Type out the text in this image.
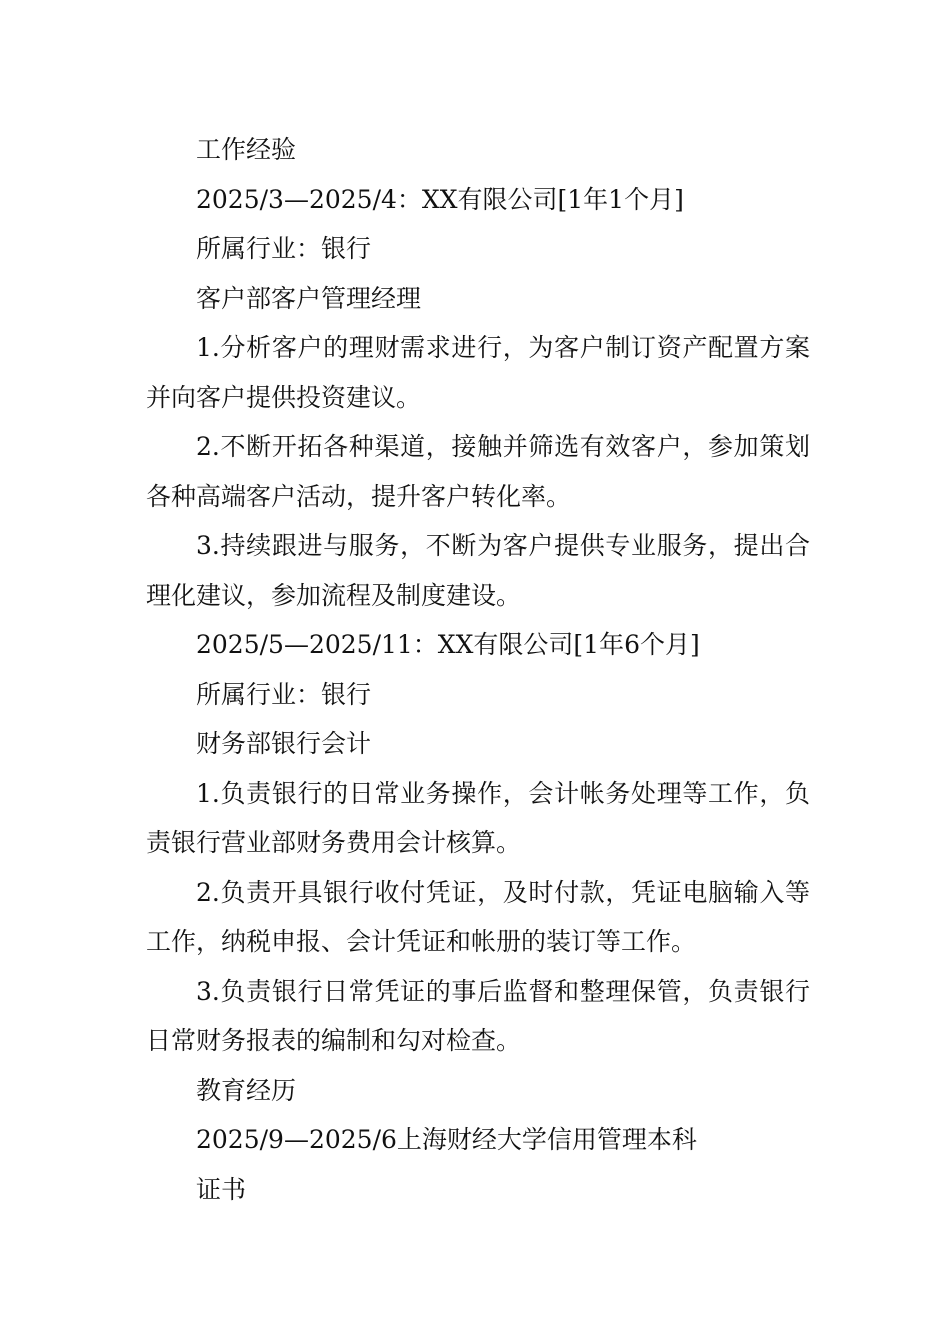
工作经验

2025/3—2025/4：XX有限公司[1年1个月]

所属行业：银行

客户部客户管理经理

1.分析客户的理财需求进行，为客户制订资产配置方案并向客户提供投资建议。

2.不断开拓各种渠道，接触并筛选有效客户，参加策划各种高端客户活动，提升客户转化率。

3.持续跟进与服务，不断为客户提供专业服务，提出合理化建议，参加流程及制度建设。

2025/5—2025/11：XX有限公司[1年6个月]

所属行业：银行

财务部银行会计

1.负责银行的日常业务操作，会计帐务处理等工作，负责银行营业部财务费用会计核算。

2.负责开具银行收付凭证，及时付款，凭证电脑输入等工作，纳税申报、会计凭证和帐册的装订等工作。

3.负责银行日常凭证的事后监督和整理保管，负责银行日常财务报表的编制和勾对检查。

教育经历

2025/9—2025/6上海财经大学信用管理本科

证书
